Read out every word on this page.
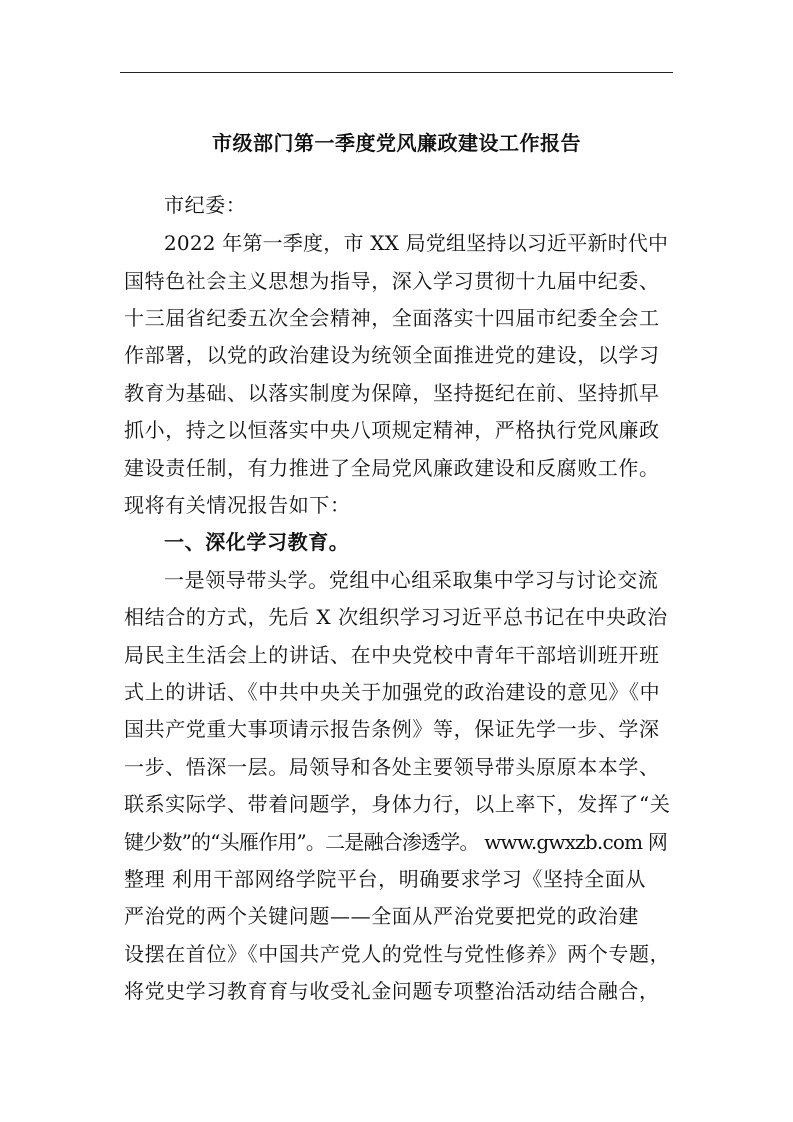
市级部门第一季度党风廉政建设工作报告
市纪委：
2022 年第一季度，市 XX 局党组坚持以习近平新时代中
国特色社会主义思想为指导，深入学习贯彻十九届中纪委、
十三届省纪委五次全会精神，全面落实十四届市纪委全会工
作部署，以党的政治建设为统领全面推进党的建设，以学习
教育为基础、以落实制度为保障，坚持挺纪在前、坚持抓早
抓小，持之以恒落实中央八项规定精神，严格执行党风廉政
建设责任制，有力推进了全局党风廉政建设和反腐败工作。
现将有关情况报告如下：
一、深化学习教育。
一是领导带头学。党组中心组采取集中学习与讨论交流
相结合的方式，先后 X 次组织学习习近平总书记在中央政治
局民主生活会上的讲话、在中央党校中青年干部培训班开班
式上的讲话、《中共中央关于加强党的政治建设的意见》《中
国共产党重大事项请示报告条例》等，保证先学一步、学深
一步、悟深一层。局领导和各处主要领导带头原原本本学、
联系实际学、带着问题学，身体力行，以上率下，发挥了“关
键少数”的“头雁作用”。二是融合渗透学。 www.gwxzb.com 网
整理 利用干部网络学院平台，明确要求学习《坚持全面从
严治党的两个关键问题——全面从严治党要把党的政治建
设摆在首位》《中国共产党人的党性与党性修养》两个专题，
将党史学习教育育与收受礼金问题专项整治活动结合融合，
